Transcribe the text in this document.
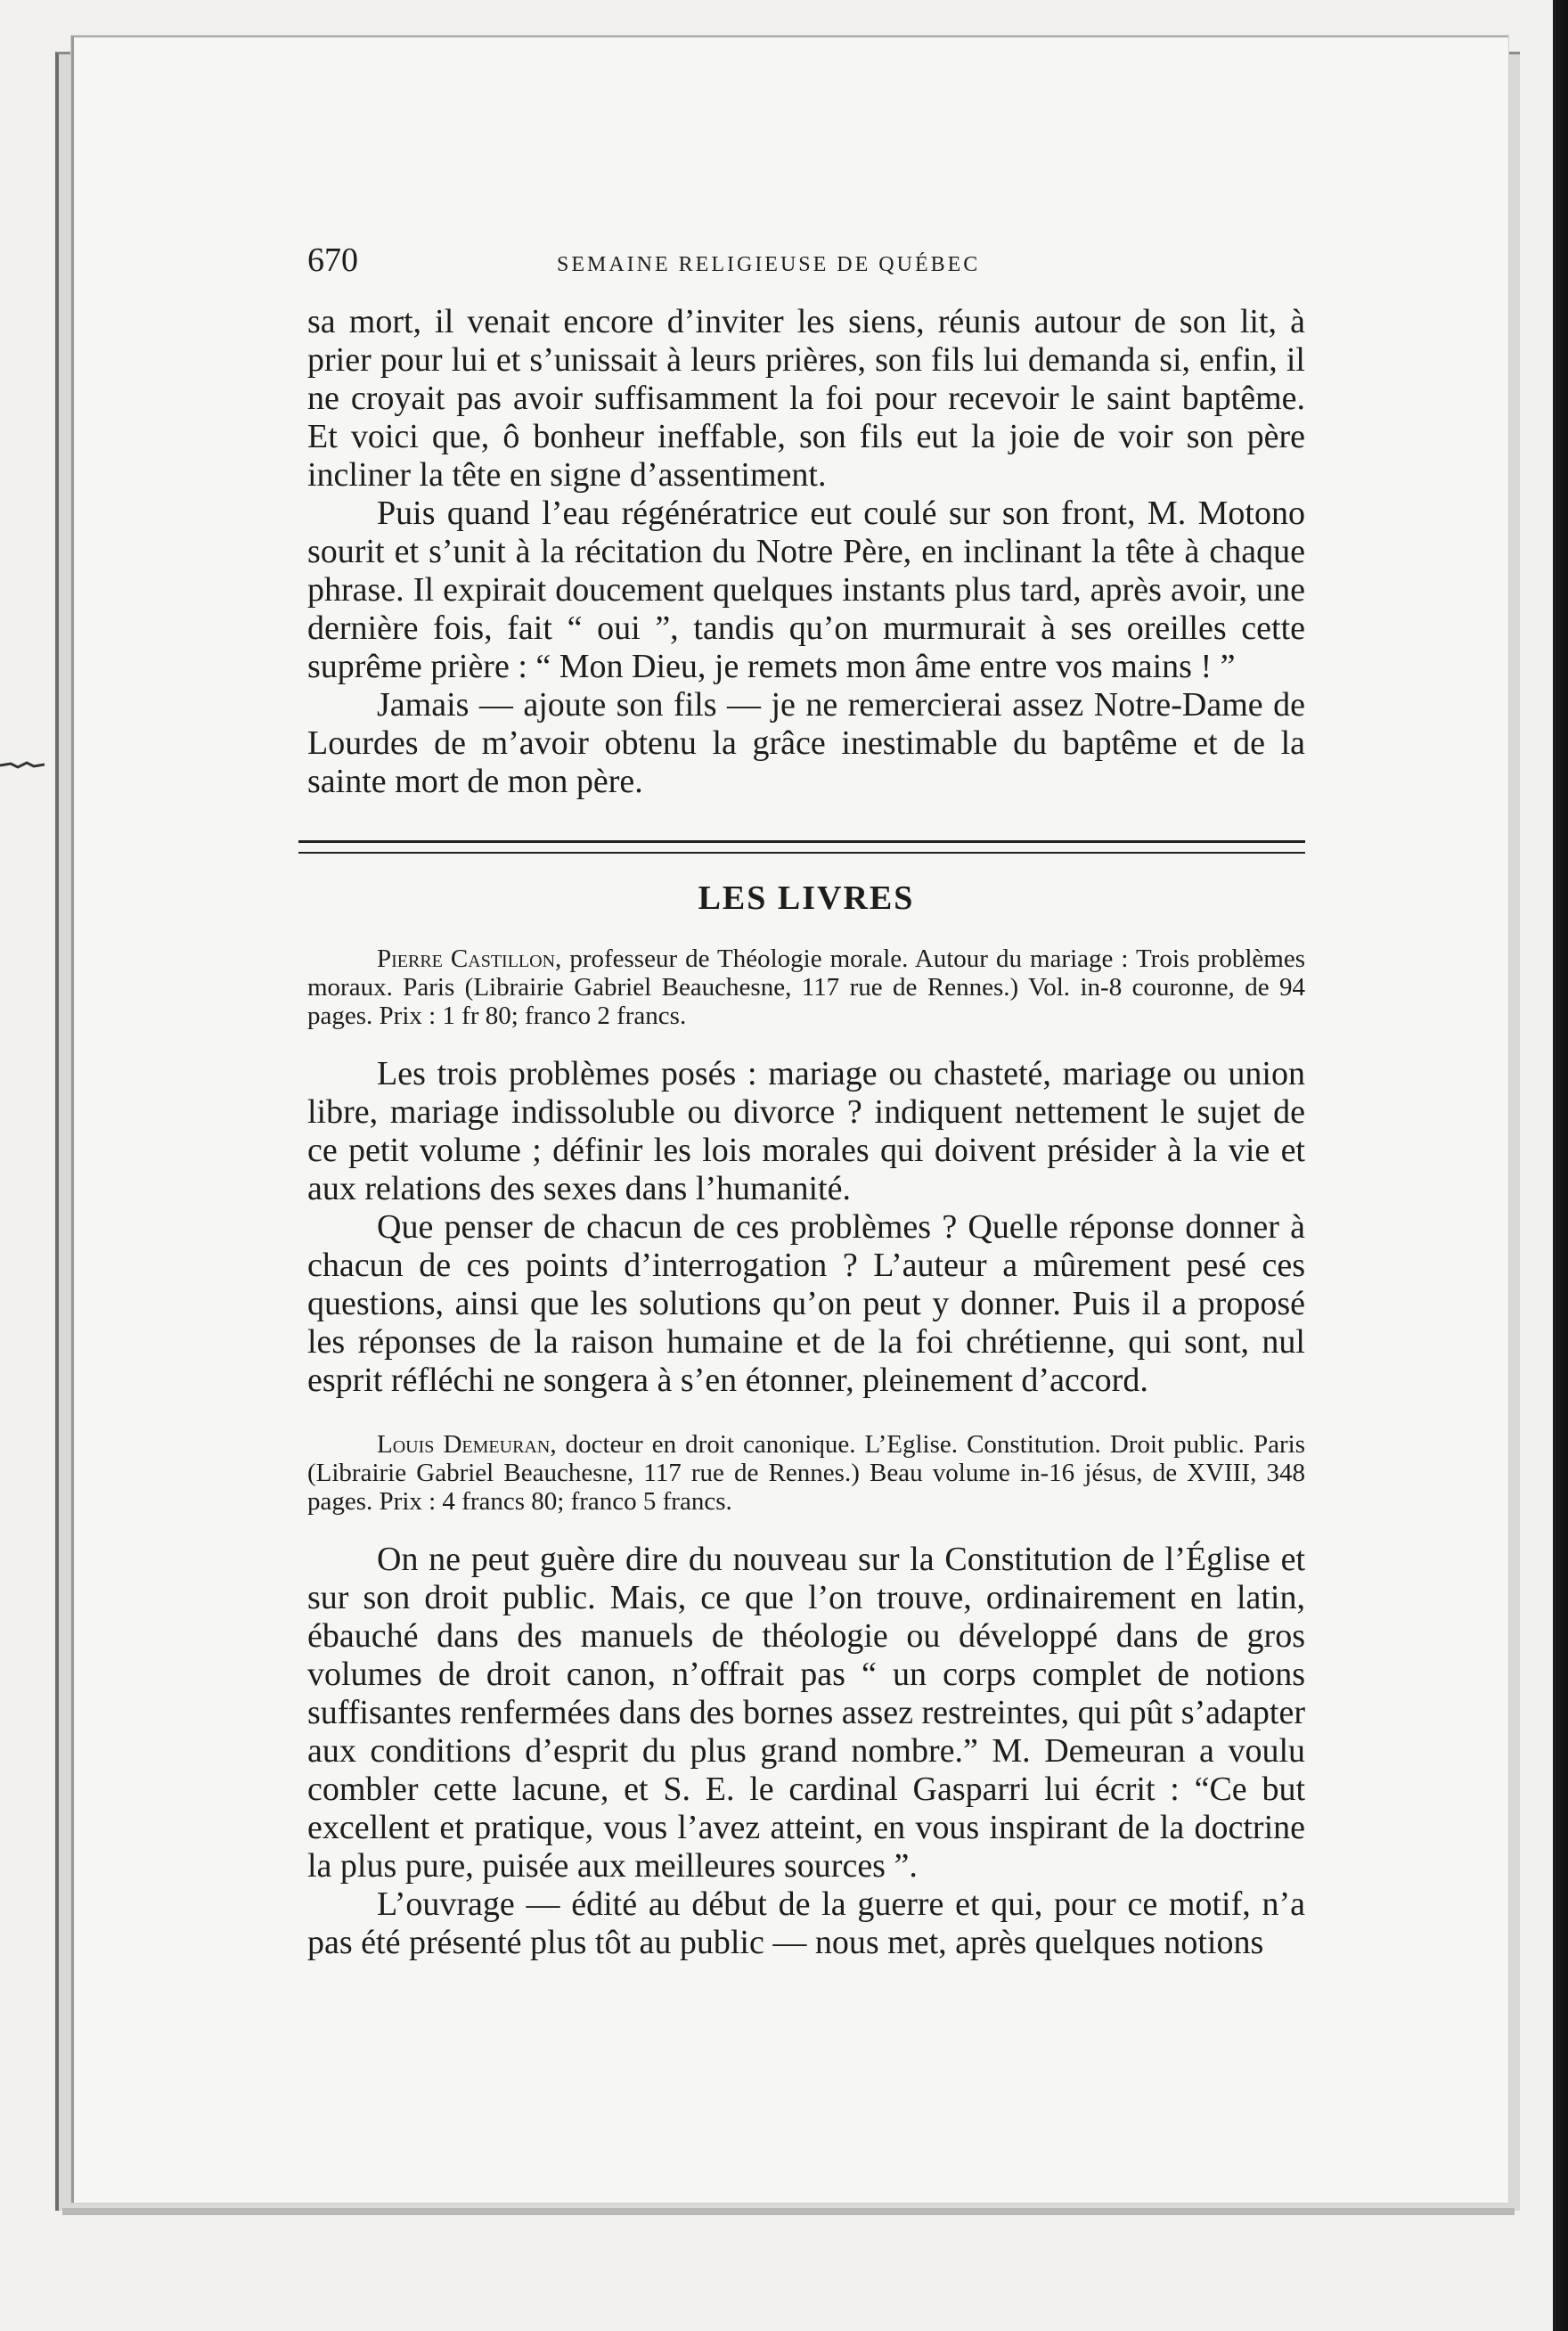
670	SEMAINE RELIGIEUSE DE QUÉBEC

sa mort, il venait encore d’inviter les siens, réunis autour de son lit, à prier pour lui et s’unissait à leurs prières, son fils lui demanda si, enfin, il ne croyait pas avoir suffisamment la foi pour recevoir le saint baptême. Et voici que, ô bonheur ineffable, son fils eut la joie de voir son père incliner la tête en signe d’assentiment.

Puis quand l’eau régénératrice eut coulé sur son front, M. Motono sourit et s’unit à la récitation du Notre Père, en inclinant la tête à chaque phrase. Il expirait doucement quelques instants plus tard, après avoir, une dernière fois, fait “ oui ”, tandis qu’on murmurait à ses oreilles cette suprême prière : “ Mon Dieu, je remets mon âme entre vos mains ! ”

Jamais — ajoute son fils — je ne remercierai assez Notre-Dame de Lourdes de m’avoir obtenu la grâce inestimable du baptême et de la sainte mort de mon père.

LES LIVRES

Pierre Castillon, professeur de Théologie morale. Autour du mariage : Trois problèmes moraux. Paris (Librairie Gabriel Beauchesne, 117 rue de Rennes.) Vol. in-8 couronne, de 94 pages. Prix : 1 fr 80; franco 2 francs.

Les trois problèmes posés : mariage ou chasteté, mariage ou union libre, mariage indissoluble ou divorce ? indiquent nettement le sujet de ce petit volume ; définir les lois morales qui doivent présider à la vie et aux relations des sexes dans l’humanité.

Que penser de chacun de ces problèmes ? Quelle réponse donner à chacun de ces points d’interrogation ? L’auteur a mûrement pesé ces questions, ainsi que les solutions qu’on peut y donner. Puis il a proposé les réponses de la raison humaine et de la foi chrétienne, qui sont, nul esprit réfléchi ne songera à s’en étonner, pleinement d’accord.

Louis Demeuran, docteur en droit canonique. L’Eglise. Constitution. Droit public. Paris (Librairie Gabriel Beauchesne, 117 rue de Rennes.) Beau volume in-16 jésus, de XVIII, 348 pages. Prix : 4 francs 80; franco 5 francs.

On ne peut guère dire du nouveau sur la Constitution de l’Église et sur son droit public. Mais, ce que l’on trouve, ordinairement en latin, ébauché dans des manuels de théologie ou développé dans de gros volumes de droit canon, n’offrait pas “ un corps complet de notions suffisantes renfermées dans des bornes assez restreintes, qui pût s’adapter aux conditions d’esprit du plus grand nombre.” M. Demeuran a voulu combler cette lacune, et S. E. le cardinal Gasparri lui écrit : “Ce but excellent et pratique, vous l’avez atteint, en vous inspirant de la doctrine la plus pure, puisée aux meilleures sources ”.

L’ouvrage — édité au début de la guerre et qui, pour ce motif, n’a pas été présenté plus tôt au public — nous met, après quelques notions
